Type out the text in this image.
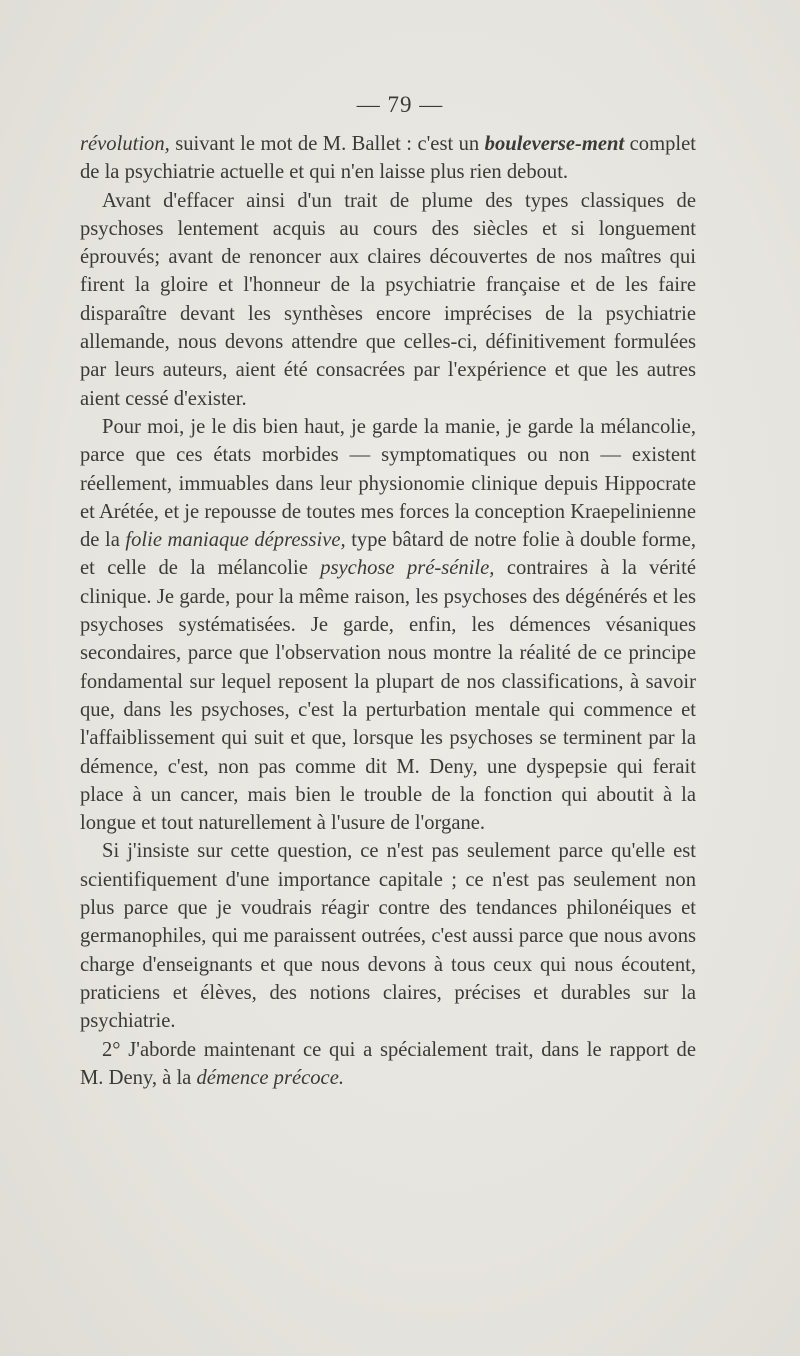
— 79 —

révolution, suivant le mot de M. Ballet : c'est un bouleverse-ment complet de la psychiatrie actuelle et qui n'en laisse plus rien debout.

Avant d'effacer ainsi d'un trait de plume des types classiques de psychoses lentement acquis au cours des siècles et si longuement éprouvés; avant de renoncer aux claires découvertes de nos maîtres qui firent la gloire et l'honneur de la psychiatrie française et de les faire disparaître devant les synthèses encore imprécises de la psychiatrie allemande, nous devons attendre que celles-ci, définitivement formulées par leurs auteurs, aient été consacrées par l'expérience et que les autres aient cessé d'exister.

Pour moi, je le dis bien haut, je garde la manie, je garde la mélancolie, parce que ces états morbides — symptomatiques ou non — existent réellement, immuables dans leur physionomie clinique depuis Hippocrate et Arétée, et je repousse de toutes mes forces la conception Kraepelinienne de la folie maniaque dépressive, type bâtard de notre folie à double forme, et celle de la mélancolie psychose pré-sénile, contraires à la vérité clinique. Je garde, pour la même raison, les psychoses des dégénérés et les psychoses systématisées. Je garde, enfin, les démences vésaniques secondaires, parce que l'observation nous montre la réalité de ce principe fondamental sur lequel reposent la plupart de nos classifications, à savoir que, dans les psychoses, c'est la perturbation mentale qui commence et l'affaiblissement qui suit et que, lorsque les psychoses se terminent par la démence, c'est, non pas comme dit M. Deny, une dyspepsie qui ferait place à un cancer, mais bien le trouble de la fonction qui aboutit à la longue et tout naturellement à l'usure de l'organe.

Si j'insiste sur cette question, ce n'est pas seulement parce qu'elle est scientifiquement d'une importance capitale ; ce n'est pas seulement non plus parce que je voudrais réagir contre des tendances philonéiques et germanophiles, qui me paraissent outrées, c'est aussi parce que nous avons charge d'enseignants et que nous devons à tous ceux qui nous écoutent, praticiens et élèves, des notions claires, précises et durables sur la psychiatrie.

2° J'aborde maintenant ce qui a spécialement trait, dans le rapport de M. Deny, à la démence précoce.
